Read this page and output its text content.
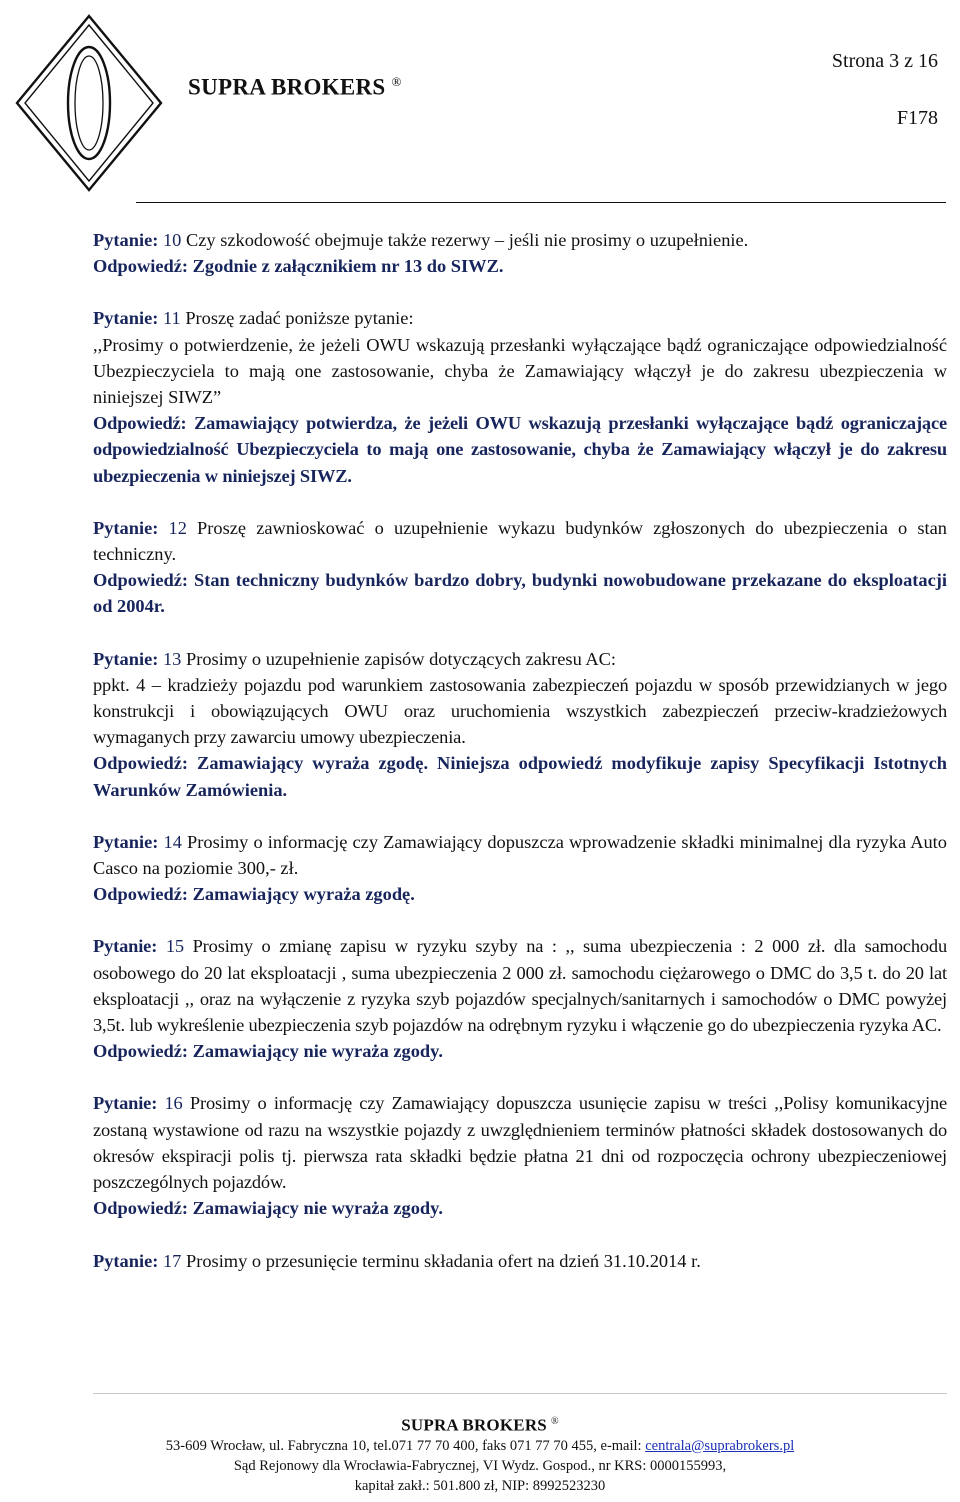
SUPRA BROKERS ®
Strona 3 z 16
F178

Pytanie: 10 Czy szkodowość obejmuje także rezerwy – jeśli nie prosimy o uzupełnienie.

Odpowiedź: Zgodnie z załącznikiem nr 13 do SIWZ.

Pytanie: 11 Proszę zadać poniższe pytanie:

,,Prosimy o potwierdzenie, że jeżeli OWU wskazują przesłanki wyłączające bądź ograniczające odpowiedzialność Ubezpieczyciela to mają one zastosowanie, chyba że Zamawiający włączył je do zakresu ubezpieczenia w niniejszej SIWZ”

Odpowiedź: Zamawiający potwierdza, że jeżeli OWU wskazują przesłanki wyłączające bądź ograniczające odpowiedzialność Ubezpieczyciela to mają one zastosowanie, chyba że Zamawiający włączył je do zakresu ubezpieczenia w niniejszej SIWZ.

Pytanie: 12 Proszę zawnioskować o uzupełnienie wykazu budynków zgłoszonych do ubezpieczenia o stan techniczny.

Odpowiedź: Stan techniczny budynków bardzo dobry, budynki nowobudowane przekazane do eksploatacji od 2004r.

Pytanie: 13 Prosimy o uzupełnienie zapisów dotyczących zakresu AC:

ppkt. 4 – kradzieży pojazdu pod warunkiem zastosowania zabezpieczeń pojazdu w sposób przewidzianych w jego konstrukcji i obowiązujących OWU oraz uruchomienia wszystkich zabezpieczeń przeciw-kradzieżowych wymaganych przy zawarciu umowy ubezpieczenia.

Odpowiedź: Zamawiający wyraża zgodę. Niniejsza odpowiedź modyfikuje zapisy Specyfikacji Istotnych Warunków Zamówienia.

Pytanie: 14 Prosimy o informację czy Zamawiający dopuszcza wprowadzenie składki minimalnej dla ryzyka Auto Casco na poziomie 300,- zł.

Odpowiedź: Zamawiający wyraża zgodę.

Pytanie: 15 Prosimy o zmianę zapisu w ryzyku szyby na : ,, suma ubezpieczenia : 2 000 zł. dla samochodu osobowego do 20 lat eksploatacji , suma ubezpieczenia 2 000 zł. samochodu ciężarowego o DMC do 3,5 t. do 20 lat eksploatacji ,, oraz na wyłączenie z ryzyka szyb pojazdów specjalnych/sanitarnych i samochodów o DMC powyżej 3,5t. lub wykreślenie ubezpieczenia szyb pojazdów na odrębnym ryzyku i włączenie go do ubezpieczenia ryzyka AC.

Odpowiedź: Zamawiający nie wyraża zgody.

Pytanie: 16 Prosimy o informację czy Zamawiający dopuszcza usunięcie zapisu w treści ,,Polisy komunikacyjne zostaną wystawione od razu na wszystkie pojazdy z uwzględnieniem terminów płatności składek dostosowanych do okresów ekspiracji polis tj. pierwsza rata składki będzie płatna 21 dni od rozpoczęcia ochrony ubezpieczeniowej poszczególnych pojazdów.

Odpowiedź: Zamawiający nie wyraża zgody.

Pytanie: 17 Prosimy o przesunięcie terminu składania ofert na dzień 31.10.2014 r.

SUPRA BROKERS ®
53-609 Wrocław, ul. Fabryczna 10, tel.071 77 70 400, faks 071 77 70 455, e-mail: centrala@suprabrokers.pl
Sąd Rejonowy dla Wrocławia-Fabrycznej, VI Wydz. Gospod., nr KRS: 0000155993,
kapitał zakł.: 501.800 zł, NIP: 8992523230
